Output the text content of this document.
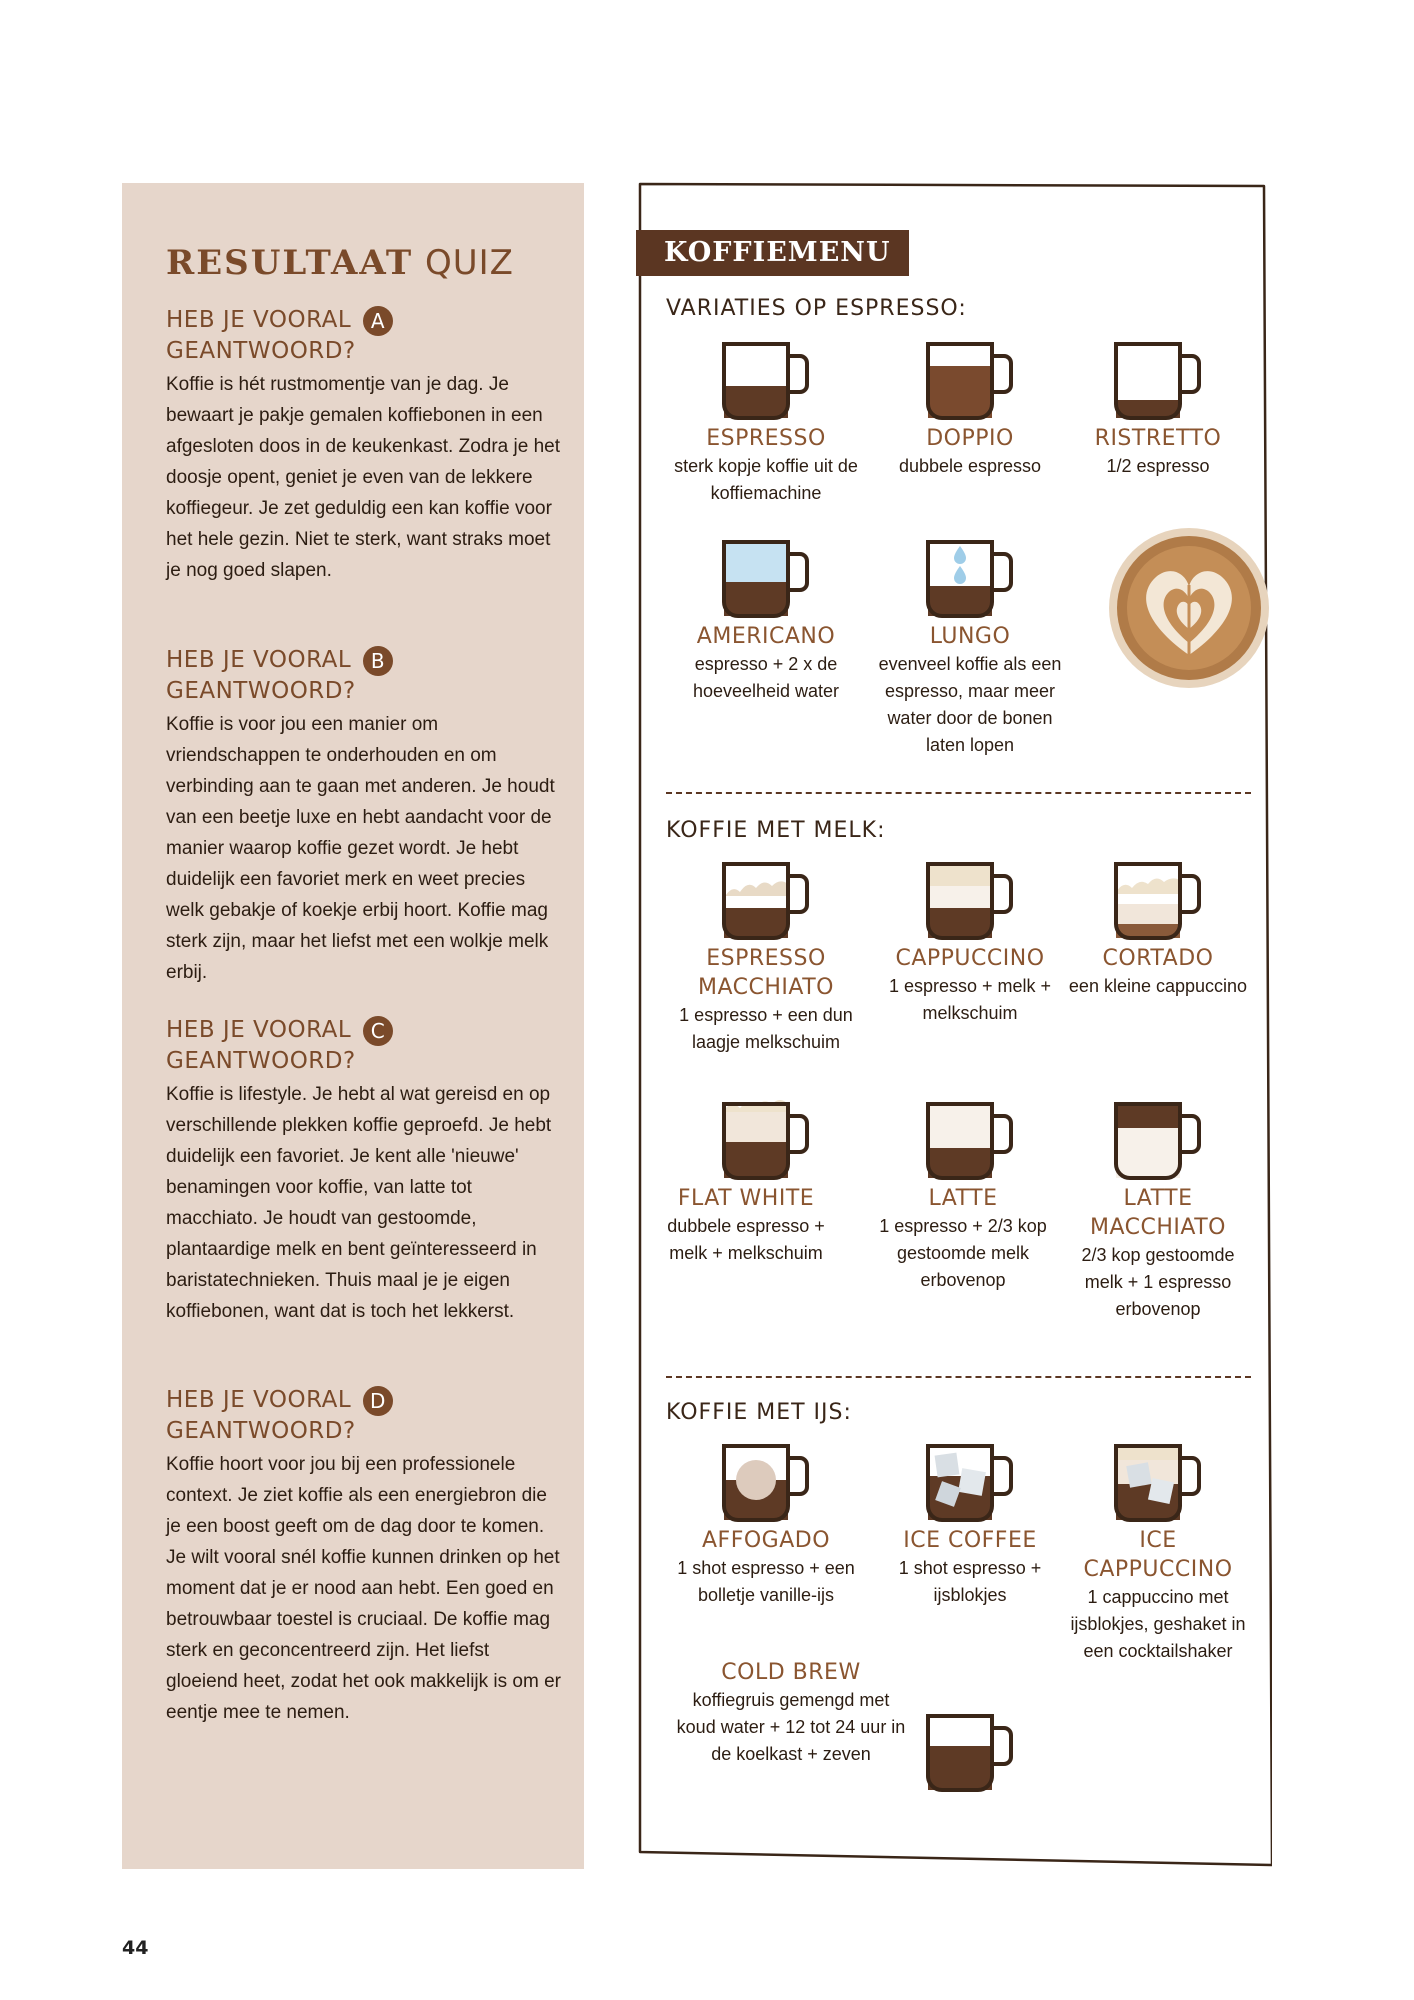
RESULTAAT QUIZ
HEB JE VOORAL A
GEANTWOORD?
Koffie is hét rustmomentje van je dag. Je bewaart je pakje gemalen koffiebonen in een afgesloten doos in de keukenkast. Zodra je het doosje opent, geniet je even van de lekkere koffiegeur. Je zet geduldig een kan koffie voor het hele gezin. Niet te sterk, want straks moet je nog goed slapen.
HEB JE VOORAL B
GEANTWOORD?
Koffie is voor jou een manier om vriendschappen te onderhouden en om verbinding aan te gaan met anderen. Je houdt van een beetje luxe en hebt aandacht voor de manier waarop koffie gezet wordt. Je hebt duidelijk een favoriet merk en weet precies welk gebakje of koekje erbij hoort. Koffie mag sterk zijn, maar het liefst met een wolkje melk erbij.
HEB JE VOORAL C
GEANTWOORD?
Koffie is lifestyle. Je hebt al wat gereisd en op verschillende plekken koffie geproefd. Je hebt duidelijk een favoriet. Je kent alle 'nieuwe' benamingen voor koffie, van latte tot macchiato. Je houdt van gestoomde, plantaardige melk en bent geïnteresseerd in baristatechnieken. Thuis maal je je eigen koffiebonen, want dat is toch het lekkerst.
HEB JE VOORAL D
GEANTWOORD?
Koffie hoort voor jou bij een professionele context. Je ziet koffie als een energiebron die je een boost geeft om de dag door te komen. Je wilt vooral snél koffie kunnen drinken op het moment dat je er nood aan hebt. Een goed en betrouwbaar toestel is cruciaal. De koffie mag sterk en geconcentreerd zijn. Het liefst gloeiend heet, zodat het ook makkelijk is om er eentje mee te nemen.
44
KOFFIEMENU
VARIATIES OP ESPRESSO:
KOFFIE MET MELK:
KOFFIE MET IJS:
ESPRESSO
sterk kopje koffie uit de koffiemachine
DOPPIO
dubbele espresso
RISTRETTO
1/2 espresso
AMERICANO
espresso + 2 x de hoeveelheid water
LUNGO
evenveel koffie als een espresso, maar meer water door de bonen laten lopen
ESPRESSO MACCHIATO
1 espresso + een dun laagje melkschuim
CAPPUCCINO
1 espresso + melk + melkschuim
CORTADO
een kleine cappuccino
FLAT WHITE
dubbele espresso + melk + melkschuim
LATTE
1 espresso + 2/3 kop gestoomde melk erbovenop
LATTE MACCHIATO
2/3 kop gestoomde melk + 1 espresso erbovenop
AFFOGADO
1 shot espresso + een bolletje vanille-ijs
ICE COFFEE
1 shot espresso + ijsblokjes
ICE CAPPUCCINO
1 cappuccino met ijsblokjes, geshaket in een cocktailshaker
COLD BREW
koffiegruis gemengd met koud water + 12 tot 24 uur in de koelkast + zeven
